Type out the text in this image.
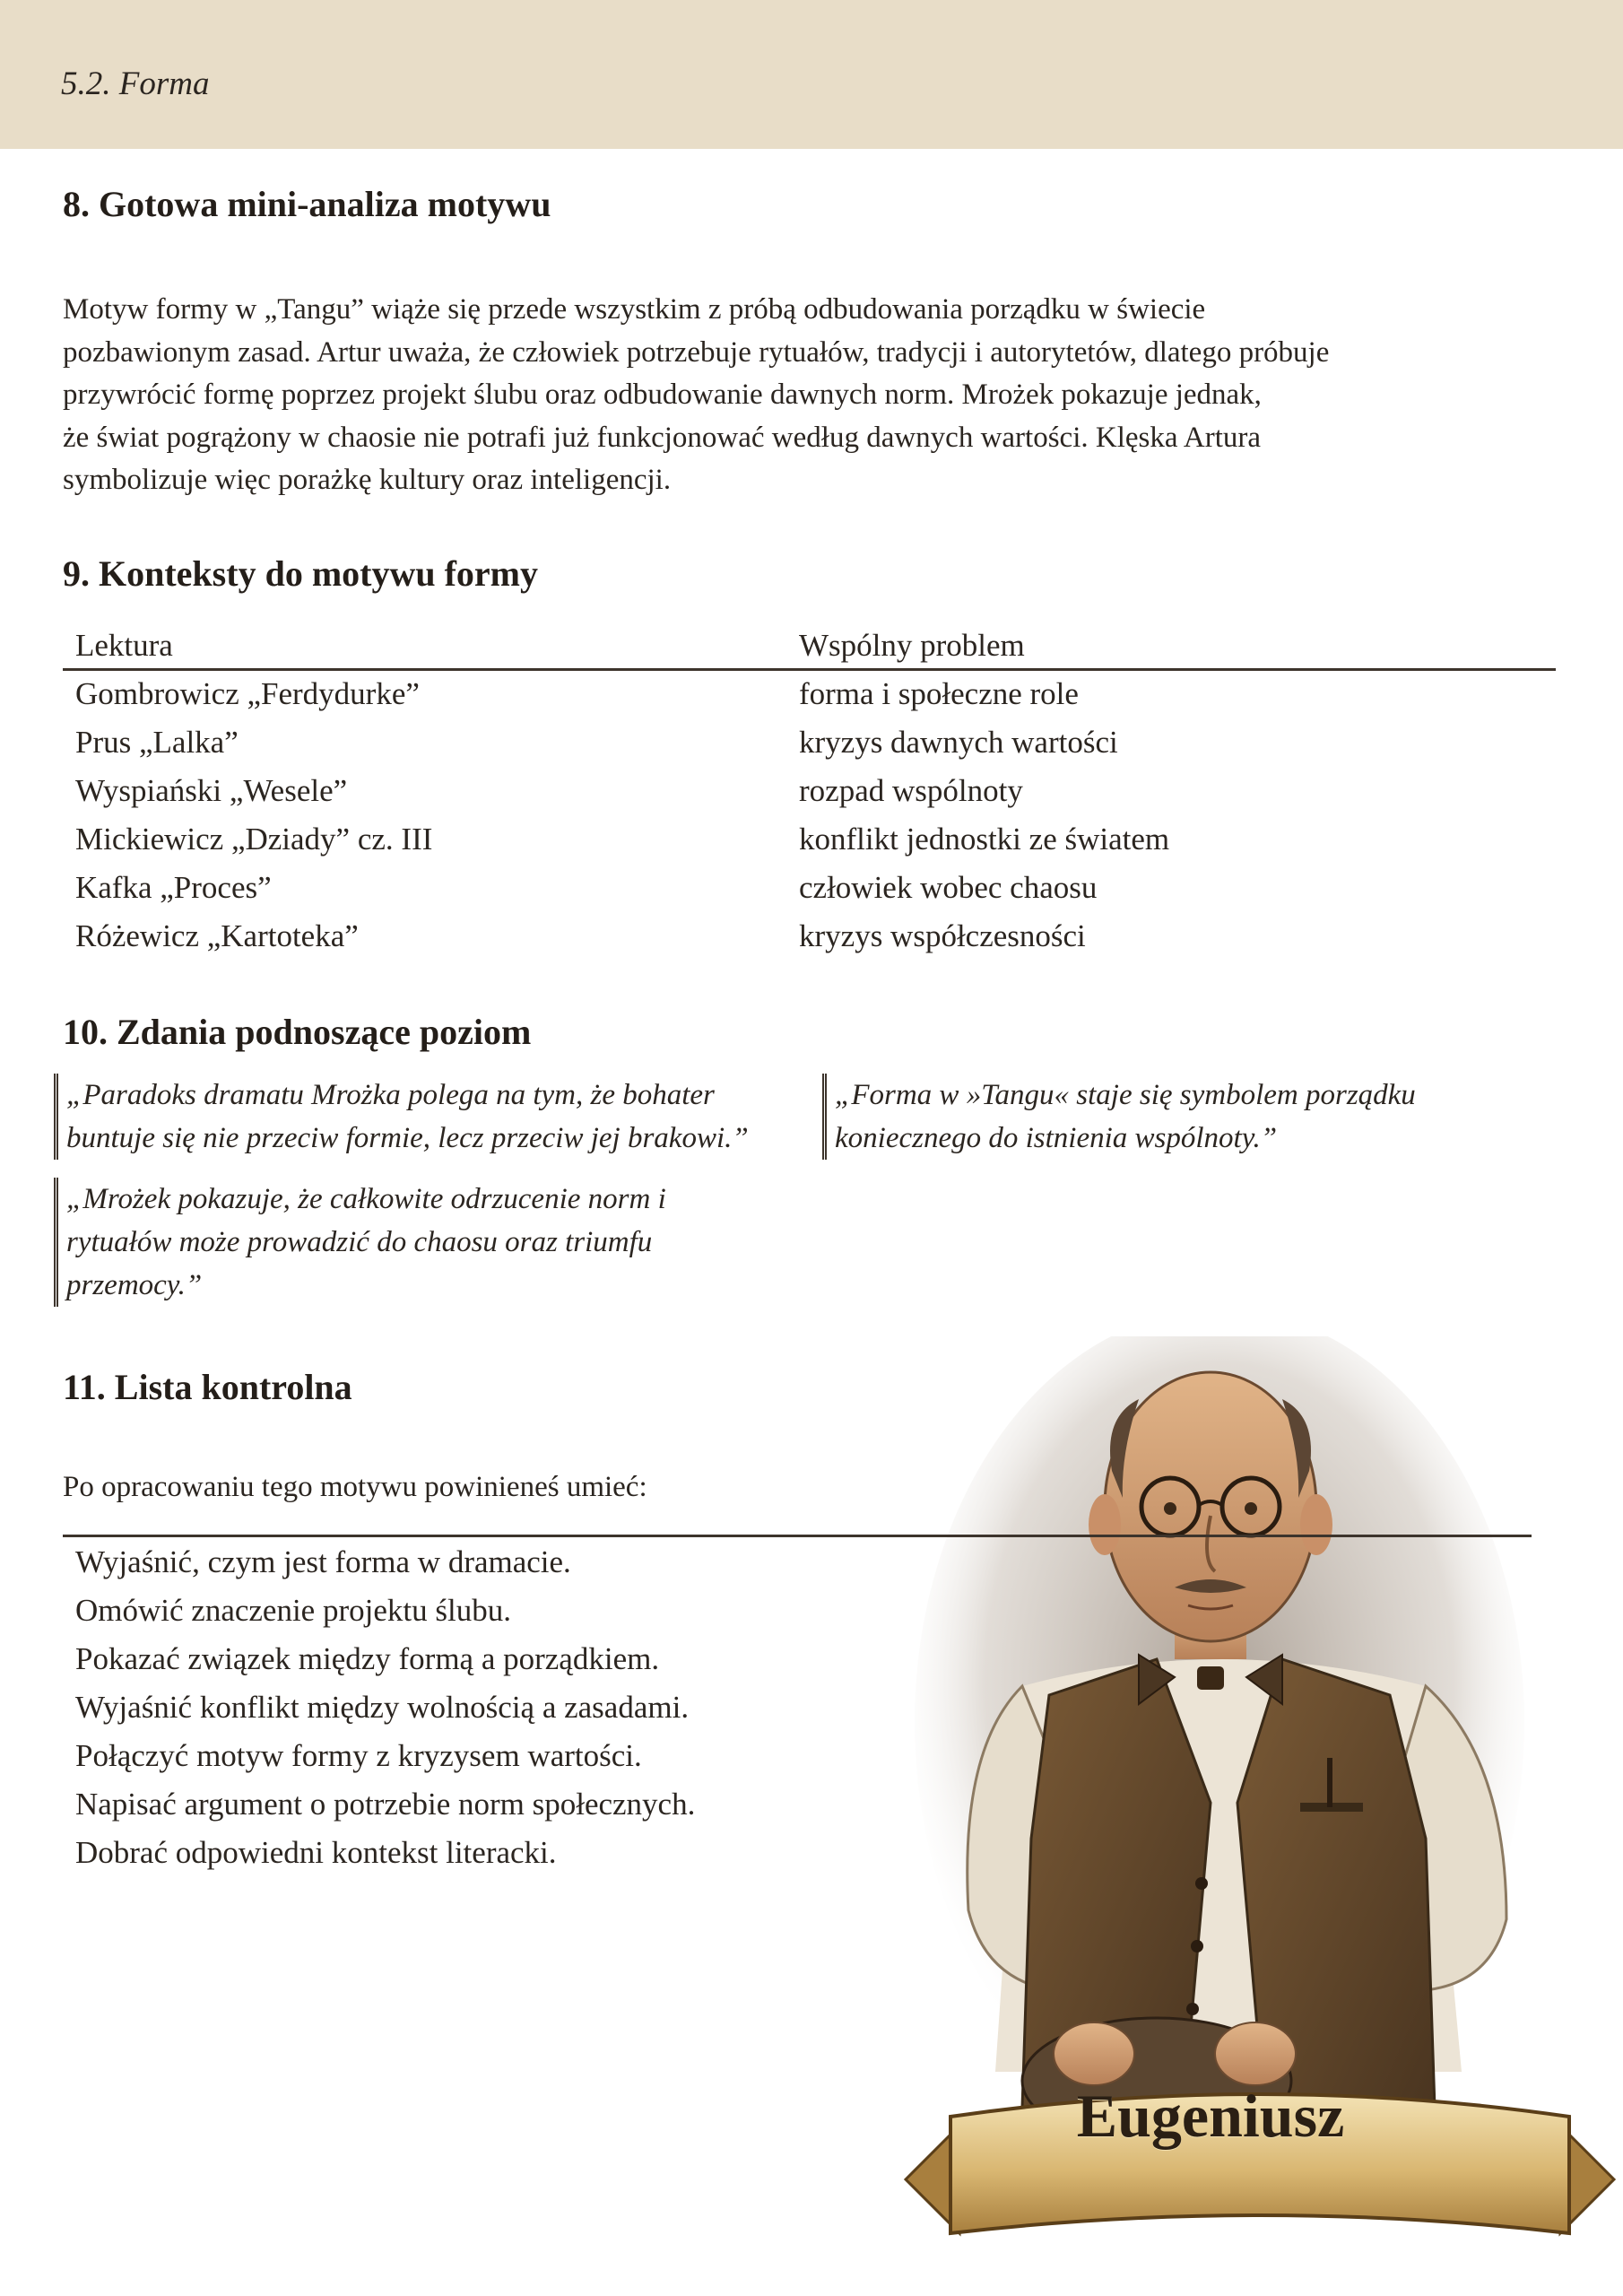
5.2. Forma
8. Gotowa mini-analiza motywu
Motyw formy w „Tangu” wiąże się przede wszystkim z próbą odbudowania porządku w świecie
pozbawionym zasad. Artur uważa, że człowiek potrzebuje rytuałów, tradycji i autorytetów, dlatego próbuje
przywrócić formę poprzez projekt ślubu oraz odbudowanie dawnych norm. Mrożek pokazuje jednak,
że świat pogrążony w chaosie nie potrafi już funkcjonować według dawnych wartości. Klęska Artura
symbolizuje więc porażkę kultury oraz inteligencji.
9. Konteksty do motywu formy
Lektura	Wspólny problem
Gombrowicz „Ferdydurke”	forma i społeczne role
Prus „Lalka”	kryzys dawnych wartości
Wyspiański „Wesele”	rozpad wspólnoty
Mickiewicz „Dziady” cz. III	konflikt jednostki ze światem
Kafka „Proces”	człowiek wobec chaosu
Różewicz „Kartoteka”	kryzys współczesności
10. Zdania podnoszące poziom
„Paradoks dramatu Mrożka polega na tym, że bohater
buntuje się nie przeciw formie, lecz przeciw jej brakowi.”
„Forma w »Tangu« staje się symbolem porządku
koniecznego do istnienia wspólnoty.”
„Mrożek pokazuje, że całkowite odrzucenie norm i
rytuałów może prowadzić do chaosu oraz triumfu
przemocy.”
Eugeniusz
11. Lista kontrolna
Po opracowaniu tego motywu powinieneś umieć:
Wyjaśnić, czym jest forma w dramacie.
Omówić znaczenie projektu ślubu.
Pokazać związek między formą a porządkiem.
Wyjaśnić konflikt między wolnością a zasadami.
Połączyć motyw formy z kryzysem wartości.
Napisać argument o potrzebie norm społecznych.
Dobrać odpowiedni kontekst literacki.
